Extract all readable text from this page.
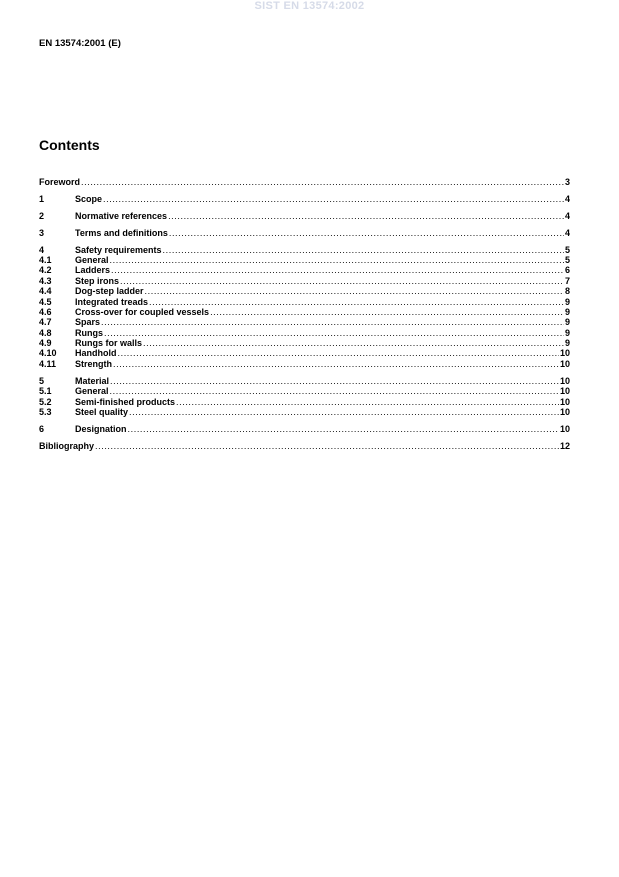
SIST EN 13574:2002
EN 13574:2001 (E)
Contents
Foreword .....	3
1	Scope .....	4
2	Normative references .....	4
3	Terms and definitions .....	4
4	Safety requirements .....	5
4.1	General .....	5
4.2	Ladders .....	6
4.3	Step irons .....	7
4.4	Dog-step ladder .....	8
4.5	Integrated treads .....	9
4.6	Cross-over for coupled vessels .....	9
4.7	Spars .....	9
4.8	Rungs .....	9
4.9	Rungs for walls .....	9
4.10	Handhold .....	10
4.11	Strength .....	10
5	Material .....	10
5.1	General .....	10
5.2	Semi-finished products .....	10
5.3	Steel quality .....	10
6	Designation .....	10
Bibliography .....	12
